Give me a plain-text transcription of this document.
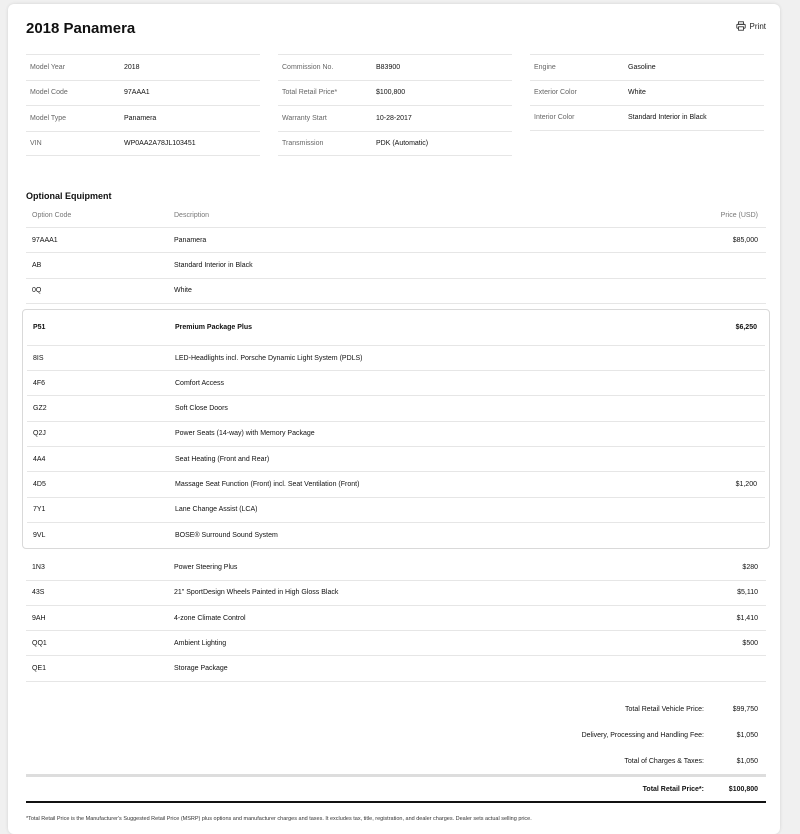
2018 Panamera	Print
Model Year	2018
Model Code	97AAA1
Model Type	Panamera
VIN	WP0AA2A78JL103451
Commission No.	B83900
Total Retail Price*	$100,800
Warranty Start	10-28-2017
Transmission	PDK (Automatic)
Engine	Gasoline
Exterior Color	White
Interior Color	Standard Interior in Black
Optional Equipment
Option Code	Description	Price (USD)
97AAA1	Panamera	$85,000
AB	Standard Interior in Black
0Q	White
P51	Premium Package Plus	$6,250
8IS	LED-Headlights incl. Porsche Dynamic Light System (PDLS)
4F6	Comfort Access
GZ2	Soft Close Doors
Q2J	Power Seats (14-way) with Memory Package
4A4	Seat Heating (Front and Rear)
4D5	Massage Seat Function (Front) incl. Seat Ventilation (Front)	$1,200
7Y1	Lane Change Assist (LCA)
9VL	BOSE® Surround Sound System
1N3	Power Steering Plus	$280
43S	21" SportDesign Wheels Painted in High Gloss Black	$5,110
9AH	4-zone Climate Control	$1,410
QQ1	Ambient Lighting	$500
QE1	Storage Package
Total Retail Vehicle Price:	$99,750
Delivery, Processing and Handling Fee:	$1,050
Total of Charges & Taxes:	$1,050
Total Retail Price*:	$100,800
*Total Retail Price is the Manufacturer's Suggested Retail Price (MSRP) plus options and manufacturer charges and taxes. It excludes tax, title, registration, and dealer charges. Dealer sets actual selling price.
